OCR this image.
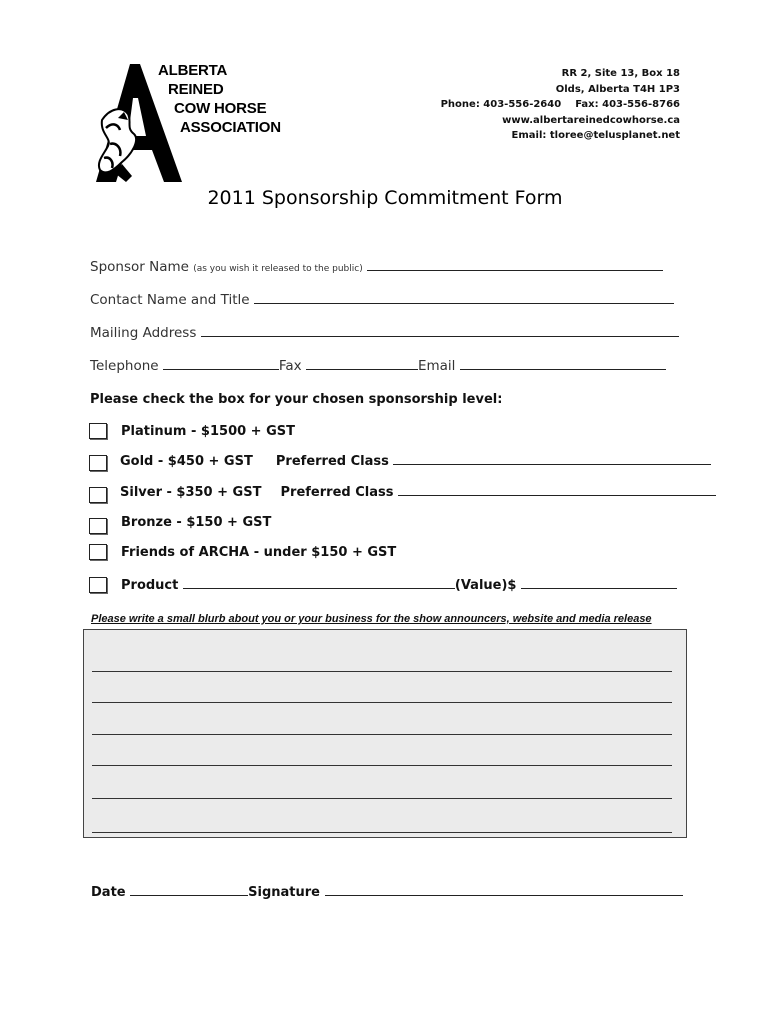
ALBERTA
REINED
COW HORSE
ASSOCIATION
RR 2, Site 13, Box 18
Olds, Alberta T4H 1P3
Phone: 403-556-2640 Fax: 403-556-8766
www.albertareinedcowhorse.ca
Email: tloree@telusplanet.net
2011 Sponsorship Commitment Form
Sponsor Name (as you wish it released to the public)
Contact Name and Title
Mailing Address
Telephone	Fax	Email
Please check the box for your chosen sponsorship level:
Platinum - $1500 + GST
Gold - $450 + GST Preferred Class
Silver - $350 + GST Preferred Class
Bronze - $150 + GST
Friends of ARCHA - under $150 + GST
Product	(Value)$
Please write a small blurb about you or your business for the show announcers, website and media release
Date	Signature
